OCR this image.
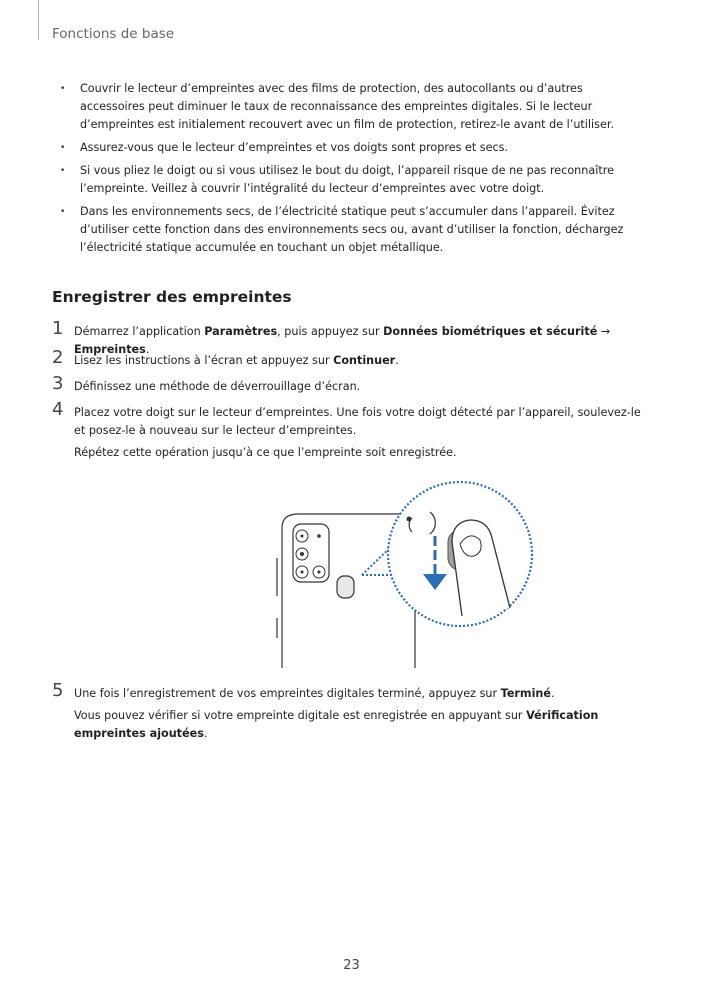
Fonctions de base
• Couvrir le lecteur d’empreintes avec des films de protection, des autocollants ou d’autres accessoires peut diminuer le taux de reconnaissance des empreintes digitales. Si le lecteur d’empreintes est initialement recouvert avec un film de protection, retirez-le avant de l’utiliser.
• Assurez-vous que le lecteur d’empreintes et vos doigts sont propres et secs.
• Si vous pliez le doigt ou si vous utilisez le bout du doigt, l’appareil risque de ne pas reconnaître l’empreinte. Veillez à couvrir l’intégralité du lecteur d’empreintes avec votre doigt.
• Dans les environnements secs, de l’électricité statique peut s’accumuler dans l’appareil. Évitez d’utiliser cette fonction dans des environnements secs ou, avant d’utiliser la fonction, déchargez l’électricité statique accumulée en touchant un objet métallique.
Enregistrer des empreintes
1 Démarrez l’application Paramètres, puis appuyez sur Données biométriques et sécurité → Empreintes.
2 Lisez les instructions à l’écran et appuyez sur Continuer.
3 Définissez une méthode de déverrouillage d’écran.
4 Placez votre doigt sur le lecteur d’empreintes. Une fois votre doigt détecté par l’appareil, soulevez-le et posez-le à nouveau sur le lecteur d’empreintes.
Répétez cette opération jusqu’à ce que l’empreinte soit enregistrée.
5 Une fois l’enregistrement de vos empreintes digitales terminé, appuyez sur Terminé.
Vous pouvez vérifier si votre empreinte digitale est enregistrée en appuyant sur Vérification empreintes ajoutées.
23
